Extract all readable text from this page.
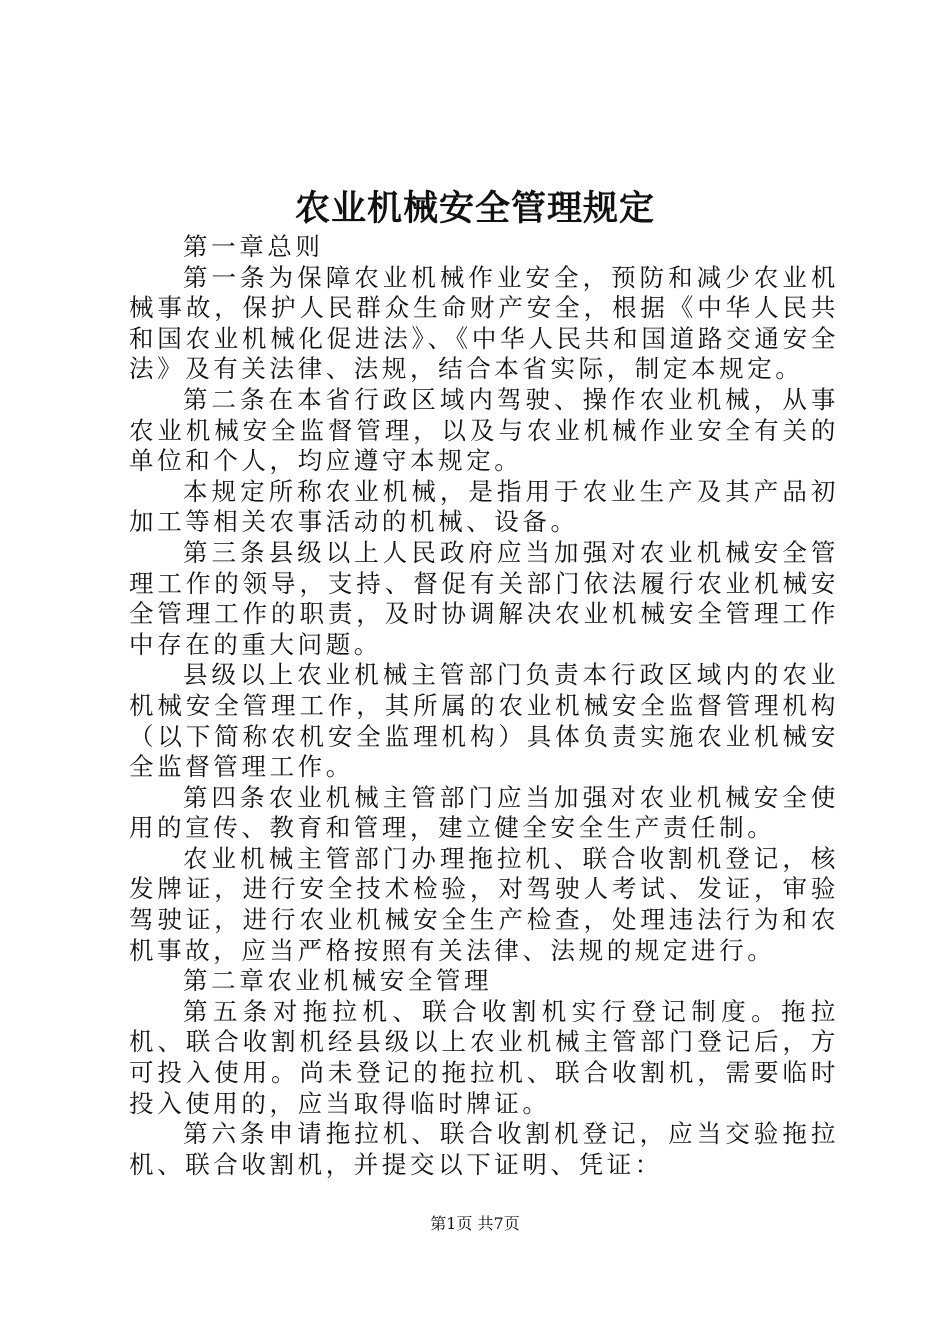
农业机械安全管理规定

第一章总则

第一条为保障农业机械作业安全，预防和减少农业机械事故，保护人民群众生命财产安全，根据《中华人民共和国农业机械化促进法》、《中华人民共和国道路交通安全法》及有关法律、法规，结合本省实际，制定本规定。

第二条在本省行政区域内驾驶、操作农业机械，从事农业机械安全监督管理，以及与农业机械作业安全有关的单位和个人，均应遵守本规定。

本规定所称农业机械，是指用于农业生产及其产品初加工等相关农事活动的机械、设备。

第三条县级以上人民政府应当加强对农业机械安全管理工作的领导，支持、督促有关部门依法履行农业机械安全管理工作的职责，及时协调解决农业机械安全管理工作中存在的重大问题。

县级以上农业机械主管部门负责本行政区域内的农业机械安全管理工作，其所属的农业机械安全监督管理机构（以下简称农机安全监理机构）具体负责实施农业机械安全监督管理工作。

第四条农业机械主管部门应当加强对农业机械安全使用的宣传、教育和管理，建立健全安全生产责任制。

农业机械主管部门办理拖拉机、联合收割机登记，核发牌证，进行安全技术检验，对驾驶人考试、发证，审验驾驶证，进行农业机械安全生产检查，处理违法行为和农机事故，应当严格按照有关法律、法规的规定进行。

第二章农业机械安全管理

第五条对拖拉机、联合收割机实行登记制度。拖拉机、联合收割机经县级以上农业机械主管部门登记后，方可投入使用。尚未登记的拖拉机、联合收割机，需要临时投入使用的，应当取得临时牌证。

第六条申请拖拉机、联合收割机登记，应当交验拖拉机、联合收割机，并提交以下证明、凭证：

第1页 共7页
